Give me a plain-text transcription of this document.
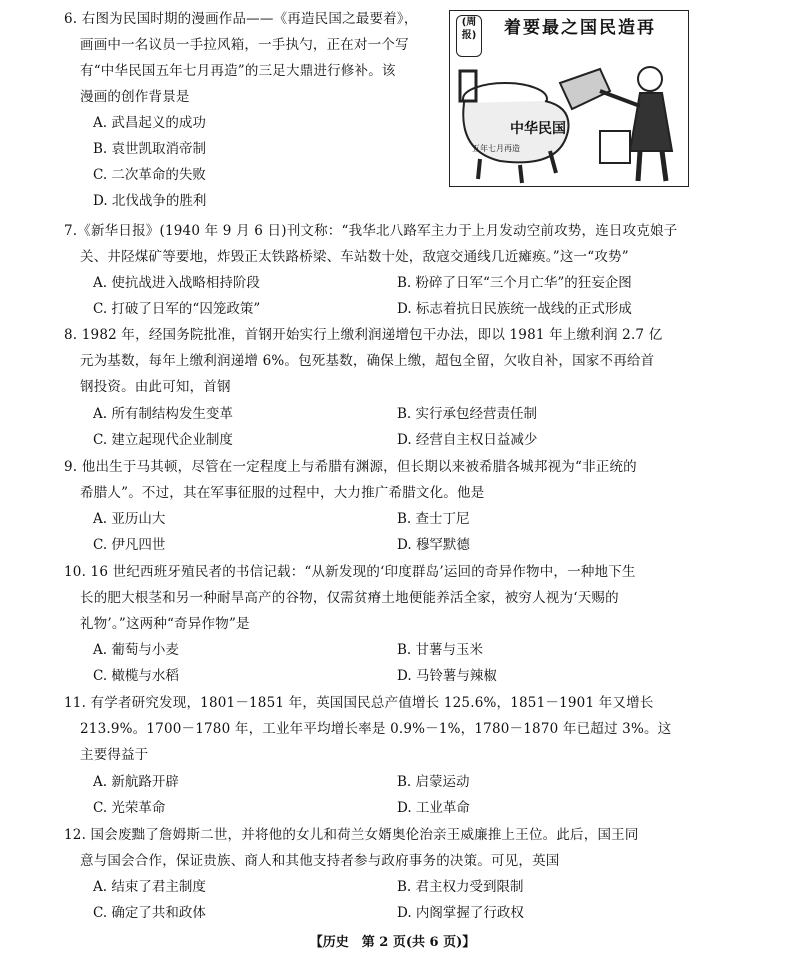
6. 右图为民国时期的漫画作品——《再造民国之最要着》，
画画中一名议员一手拉风箱，一手执勺，正在对一个写
有“中华民国五年七月再造”的三足大鼎进行修补。该
漫画的创作背景是
A. 武昌起义的成功
B. 袁世凯取消帝制
C. 二次革命的失败
D. 北伐战争的胜利
(周报)	着要最之国民造再
中华民国
五年七月再造
7.《新华日报》(1940 年 9 月 6 日)刊文称：“我华北八路军主力于上月发动空前攻势，连日攻克娘子
关、井陉煤矿等要地，炸毁正太铁路桥梁、车站数十处，敌寇交通线几近瘫痪。”这一“攻势”
A. 使抗战进入战略相持阶段	B. 粉碎了日军“三个月亡华”的狂妄企图
C. 打破了日军的“囚笼政策”	D. 标志着抗日民族统一战线的正式形成
8. 1982 年，经国务院批准，首钢开始实行上缴利润递增包干办法，即以 1981 年上缴利润 2.7 亿
元为基数，每年上缴利润递增 6%。包死基数，确保上缴，超包全留，欠收自补，国家不再给首
钢投资。由此可知，首钢
A. 所有制结构发生变革	B. 实行承包经营责任制
C. 建立起现代企业制度	D. 经营自主权日益减少
9. 他出生于马其顿，尽管在一定程度上与希腊有渊源，但长期以来被希腊各城邦视为“非正统的
希腊人”。不过，其在军事征服的过程中，大力推广希腊文化。他是
A. 亚历山大	B. 查士丁尼
C. 伊凡四世	D. 穆罕默德
10. 16 世纪西班牙殖民者的书信记载：“从新发现的‘印度群岛’运回的奇异作物中，一种地下生
长的肥大根茎和另一种耐旱高产的谷物，仅需贫瘠土地便能养活全家，被穷人视为‘天赐的
礼物’。”这两种“奇异作物”是
A. 葡萄与小麦	B. 甘薯与玉米
C. 橄榄与水稻	D. 马铃薯与辣椒
11. 有学者研究发现，1801－1851 年，英国国民总产值增长 125.6%，1851－1901 年又增长
213.9%。1700－1780 年，工业年平均增长率是 0.9%－1%，1780－1870 年已超过 3%。这
主要得益于
A. 新航路开辟	B. 启蒙运动
C. 光荣革命	D. 工业革命
12. 国会废黜了詹姆斯二世，并将他的女儿和荷兰女婿奥伦治亲王威廉推上王位。此后，国王同
意与国会合作，保证贵族、商人和其他支持者参与政府事务的决策。可见，英国
A. 结束了君主制度	B. 君主权力受到限制
C. 确定了共和政体	D. 内阁掌握了行政权
【历史　第 2 页(共 6 页)】
